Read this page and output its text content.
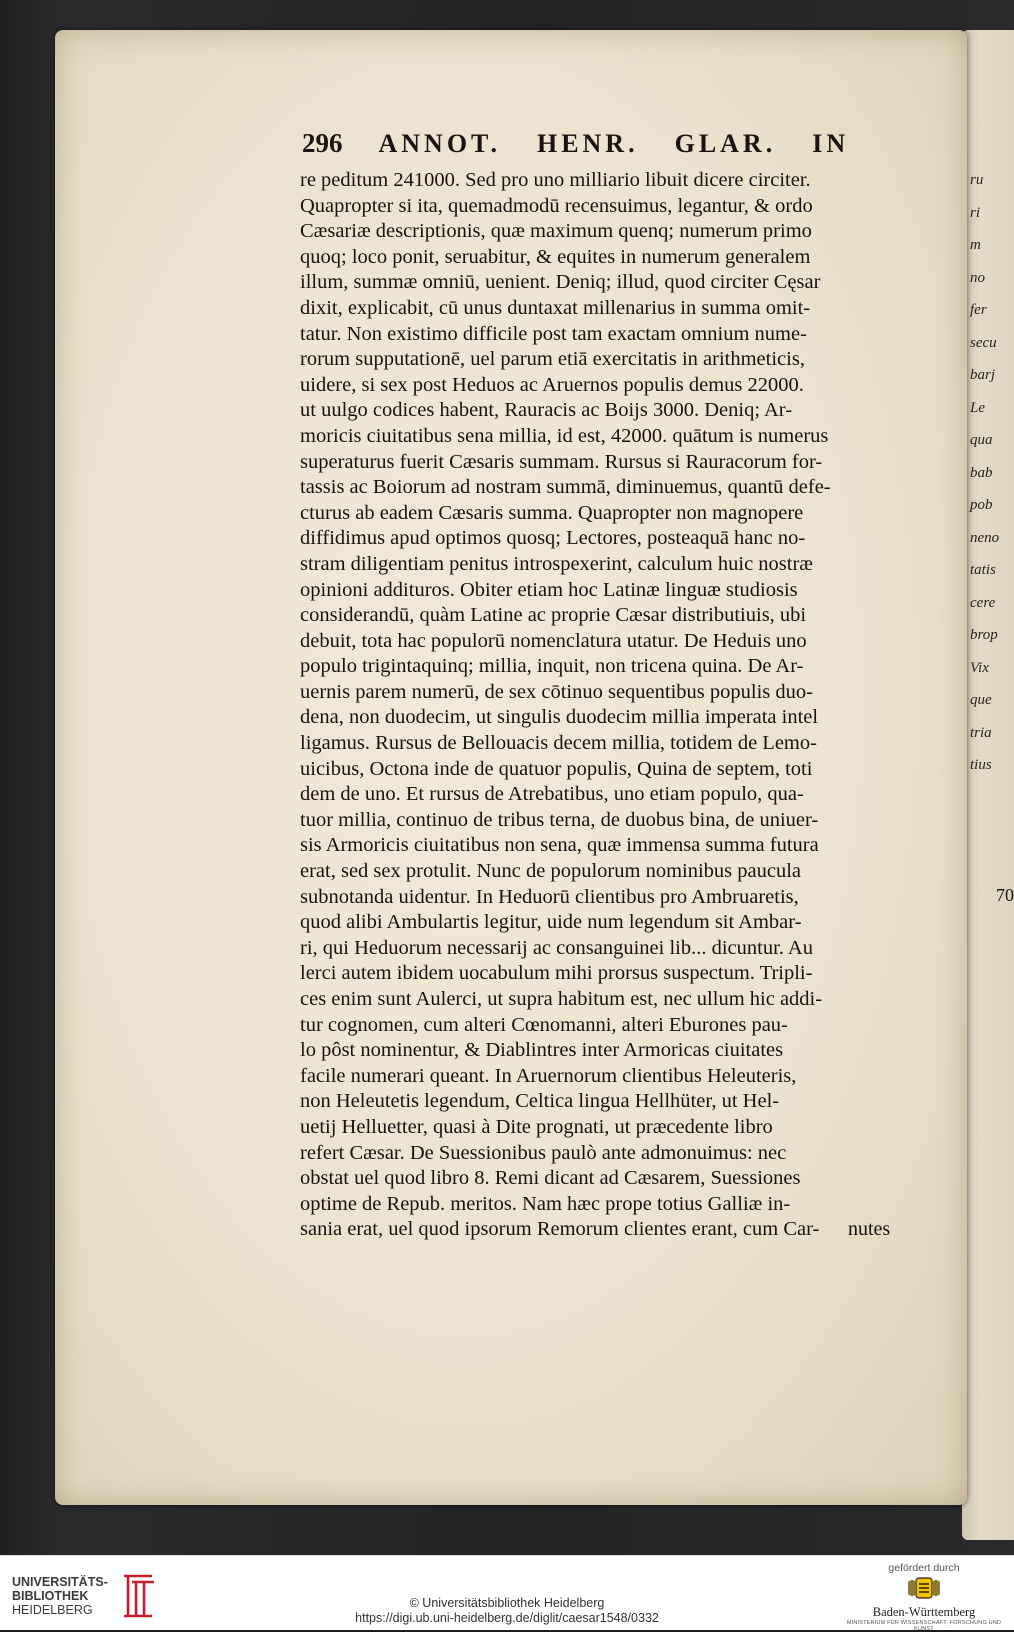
ru
ri
m
no
fer
secu
barj
Le
qua
bab
pob
neno
tatis
cere
brop
Vix
que
tria
tius
296 ANNOT. HENR. GLAR. IN
re peditum 241000. Sed pro uno milliario libuit dicere circiter.
Quapropter si ita, quemadmodū recensuimus, legantur, & ordo
Cæsariæ descriptionis, quæ maximum quenq; numerum primo
quoq; loco ponit, seruabitur, & equites in numerum generalem
illum, summæ omniū, uenient. Deniq; illud, quod circiter Cęsar
dixit, explicabit, cū unus duntaxat millenarius in summa omit-
tatur. Non existimo difficile post tam exactam omnium nume-
rorum supputationē, uel parum etiā exercitatis in arithmeticis,
uidere, si sex post Heduos ac Aruernos populis demus 22000.
ut uulgo codices habent, Rauracis ac Boijs 3000. Deniq; Ar-
moricis ciuitatibus sena millia, id est, 42000. quātum is numerus
superaturus fuerit Cæsaris summam. Rursus si Rauracorum for-
tassis ac Boiorum ad nostram summā, diminuemus, quantū defe-
cturus ab eadem Cæsaris summa. Quapropter non magnopere
diffidimus apud optimos quosq; Lectores, posteaquā hanc no-
stram diligentiam penitus introspexerint, calculum huic nostræ
opinioni addituros. Obiter etiam hoc Latinæ linguæ studiosis
considerandū, quàm Latine ac proprie Cæsar distributiuis, ubi
debuit, tota hac populorū nomenclatura utatur. De Heduis uno
populo trigintaquinq; millia, inquit, non tricena quina. De Ar-
uernis parem numerū, de sex cōtinuo sequentibus populis duo-
dena, non duodecim, ut singulis duodecim millia imperata intel
ligamus. Rursus de Bellouacis decem millia, totidem de Lemo-
uicibus, Octona inde de quatuor populis, Quina de septem, toti
dem de uno. Et rursus de Atrebatibus, uno etiam populo, qua-
tuor millia, continuo de tribus terna, de duobus bina, de uniuer-
sis Armoricis ciuitatibus non sena, quæ immensa summa futura
erat, sed sex protulit. Nunc de populorum nominibus paucula
subnotanda uidentur. In Heduorū clientibus pro Ambruaretis,
quod alibi Ambulartis legitur, uide num legendum sit Ambar-
ri, qui Heduorum necessarij ac consanguinei lib... dicuntur. Au
lerci autem ibidem uocabulum mihi prorsus suspectum. Tripli-
ces enim sunt Aulerci, ut supra habitum est, nec ullum hic addi-
tur cognomen, cum alteri Cœnomanni, alteri Eburones pau-
lo pôst nominentur, & Diablintres inter Armoricas ciuitates
facile numerari queant. In Aruernorum clientibus Heleuteris,
non Heleutetis legendum, Celtica lingua Hellhüter, ut Hel-
uetij Helluetter, quasi à Dite prognati, ut præcedente libro
refert Cæsar. De Suessionibus paulò ante admonuimus: nec
obstat uel quod libro 8. Remi dicant ad Cæsarem, Suessiones
optime de Repub. meritos. Nam hæc prope totius Galliæ in-
sania erat, uel quod ipsorum Remorum clientes erant, cum Car- nutes
70
UNIVERSITÄTS-
BIBLIOTHEK
HEIDELBERG	© Universitätsbibliothek Heidelberg
https://digi.ub.uni-heidelberg.de/diglit/caesar1548/0332
gefördert durch
Baden-Württemberg
MINISTERIUM FÜR WISSENSCHAFT, FORSCHUNG UND KUNST
